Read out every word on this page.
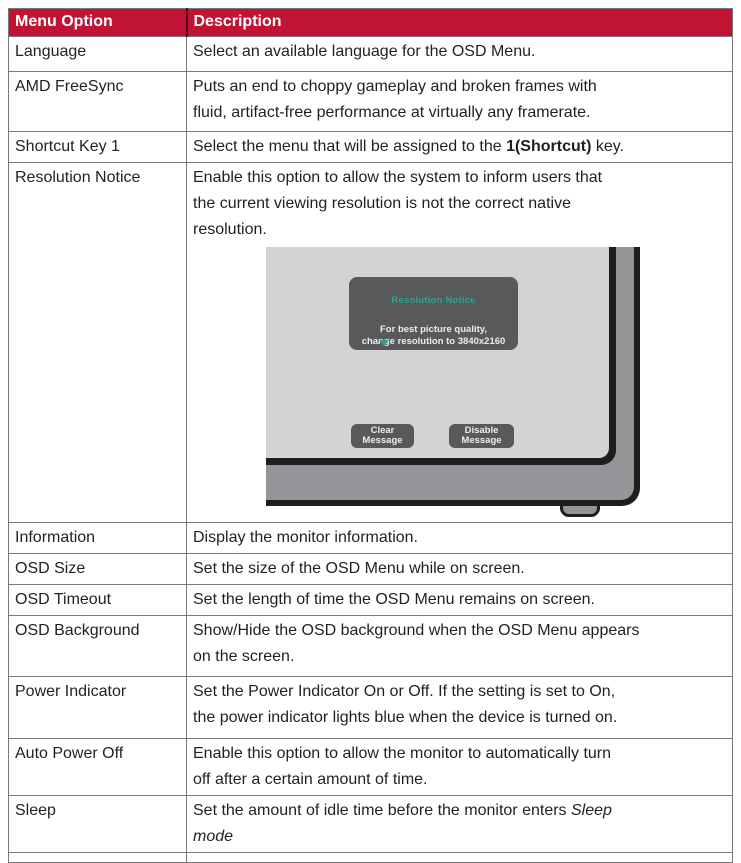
Menu Option	Description
Language	Select an available language for the OSD Menu.

AMD FreeSync	Puts an end to choppy gameplay and broken frames with
fluid, artifact-free performance at virtually any framerate.

Shortcut Key 1	Select the menu that will be assigned to the 1(Shortcut) key.

Resolution Notice	Enable this option to allow the system to inform users that
the current viewing resolution is not the correct native
resolution.
Resolution Notice
For best picture quality,
change resolution to 3840x2160
Clear
Message
Disable
Message

Information	Display the monitor information.

OSD Size	Set the size of the OSD Menu while on screen.

OSD Timeout	Set the length of time the OSD Menu remains on screen.

OSD Background	Show/Hide the OSD background when the OSD Menu appears
on the screen.

Power Indicator	Set the Power Indicator On or Off. If the setting is set to On,
the power indicator lights blue when the device is turned on.

Auto Power Off	Enable this option to allow the monitor to automatically turn
off after a certain amount of time.

Sleep	Set the amount of idle time before the monitor enters Sleep
mode
